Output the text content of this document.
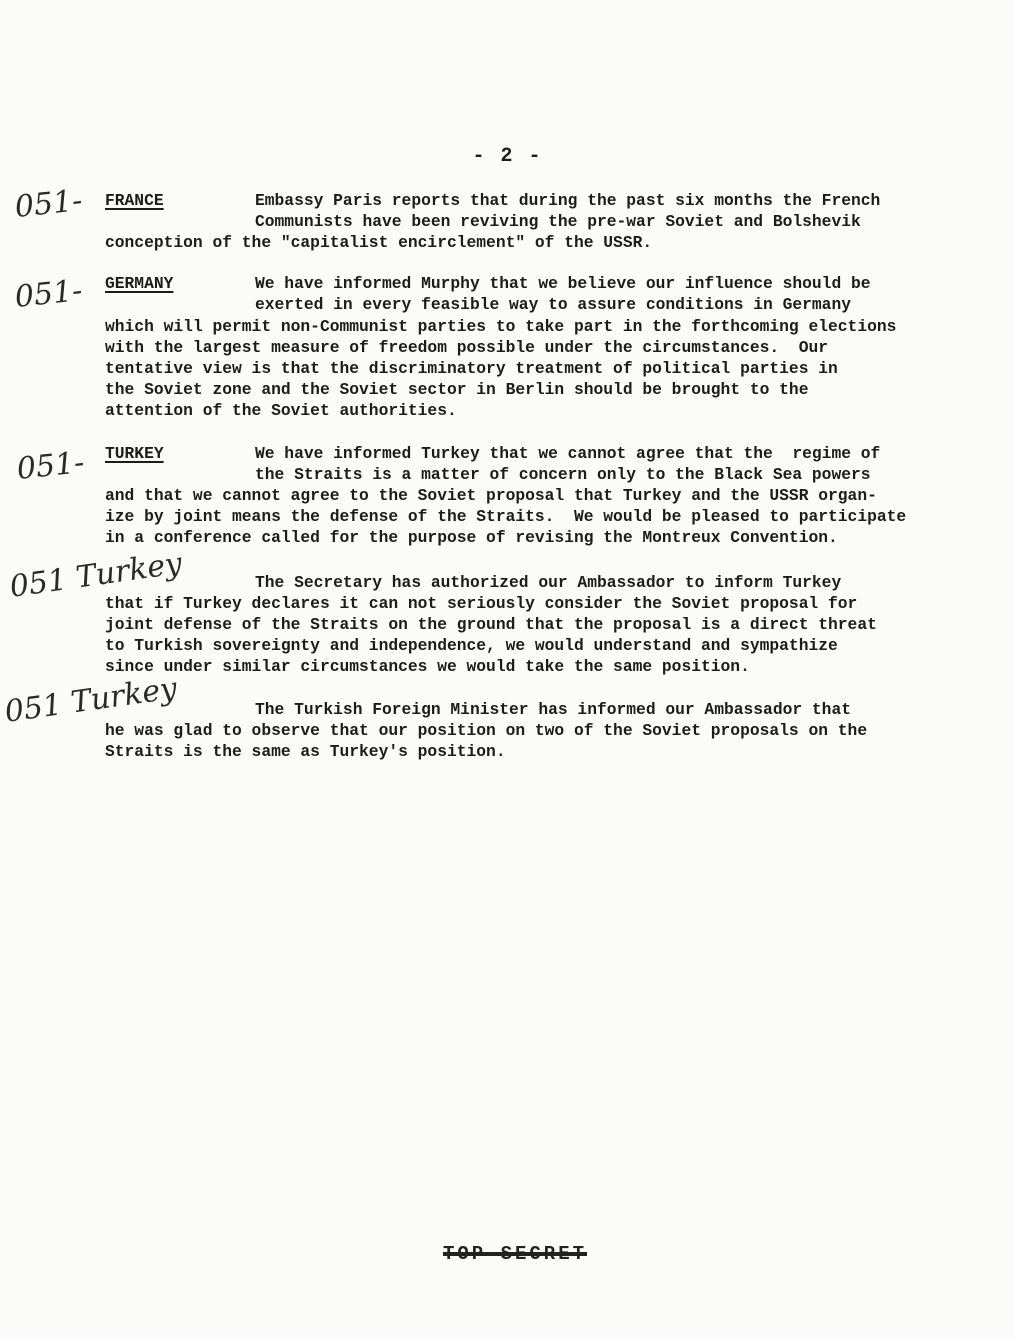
- 2 -
051- FRANCE	Embassy Paris reports that during the past six months the French
Communists have been reviving the pre-war Soviet and Bolshevik
conception of the "capitalist encirclement" of the USSR.
051- GERMANY	We have informed Murphy that we believe our influence should be
exerted in every feasible way to assure conditions in Germany
which will permit non-Communist parties to take part in the forthcoming elections
with the largest measure of freedom possible under the circumstances.  Our
tentative view is that the discriminatory treatment of political parties in
the Soviet zone and the Soviet sector in Berlin should be brought to the
attention of the Soviet authorities.
051- TURKEY	We have informed Turkey that we cannot agree that the  regime of
the Straits is a matter of concern only to the Black Sea powers
and that we cannot agree to the Soviet proposal that Turkey and the USSR organ-
ize by joint means the defense of the Straits.  We would be pleased to participate
in a conference called for the purpose of revising the Montreux Convention.
051 Turkey	The Secretary has authorized our Ambassador to inform Turkey
that if Turkey declares it can not seriously consider the Soviet proposal for
joint defense of the Straits on the ground that the proposal is a direct threat
to Turkish sovereignty and independence, we would understand and sympathize
since under similar circumstances we would take the same position.
051 Turkey	The Turkish Foreign Minister has informed our Ambassador that
he was glad to observe that our position on two of the Soviet proposals on the
Straits is the same as Turkey's position.
TOP SECRET
